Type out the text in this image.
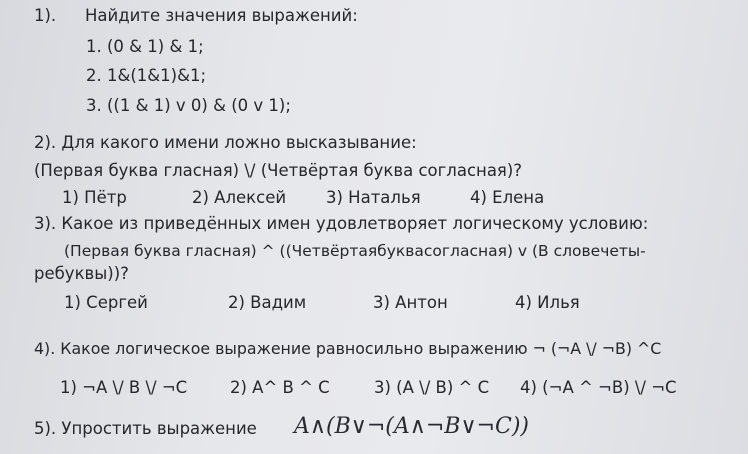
1). Найдите значения выражений:
1. (0 & 1) & 1;
2. 1&(1&1)&1;
3. ((1 & 1) v 0) & (0 v 1);
2). Для какого имени ложно высказывание:
(Первая буква гласная) \/ (Четвёртая буква согласная)?
1) Пётр	2) Алексей 3) Наталья	4) Елена
3). Какое из приведённых имен удовлетворяет логическому условию:
(Первая буква гласная) ^ ((Четвёртаябуквасогласная) v (В словечеты-
ребуквы))?
1) Сергей	2) Вадим	3) Антон	4) Илья
4). Какое логическое выражение равносильно выражению ¬ (¬A \/ ¬B) ^C
1) ¬A \/ B \/ ¬C	2) A^ B ^ C	3) (A \/ B) ^ C 4) (¬A ^ ¬B) \/ ¬C
5). Упростить выражение A∧(B∨¬(A∧¬B∨¬C))
